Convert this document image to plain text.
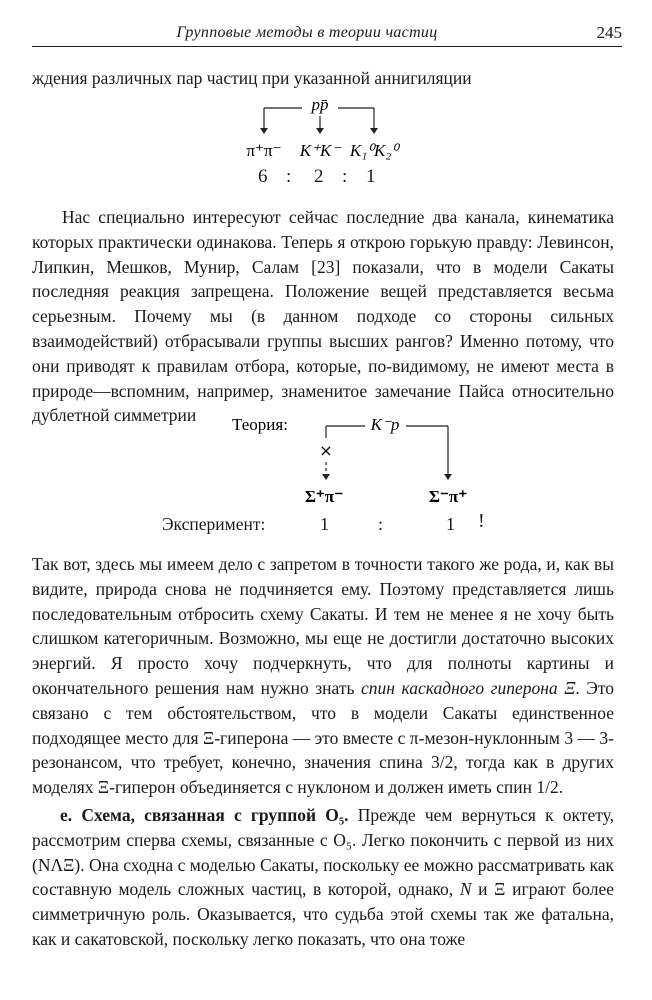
Групповые методы в теории частиц	245

ждения различных пар частиц при указанной аннигиляции

pp̄
π⁺π⁻ K⁺K⁻ K₁⁰K₂⁰
6 : 2 : 1

Нас специально интересуют сейчас последние два канала, кинематика которых практически одинакова. Теперь я открою горькую правду: Левинсон, Липкин, Мешков, Мунир, Салам [23] показали, что в модели Сакаты последняя реакция запрещена. Положение вещей представляется весьма серьезным. Почему мы (в данном подходе со стороны сильных взаимодействий) отбрасывали группы высших рангов? Именно потому, что они приводят к правилам отбора, которые, по-видимому, не имеют места в природе—вспомним, например, знаменитое замечание Пайса относительно дублетной симметрии	Теория:	K⁻p
×
Σ⁺π⁻	Σ⁻π⁺
Эксперимент:	1	:	1 !

Так вот, здесь мы имеем дело с запретом в точности такого же рода, и, как вы видите, природа снова не подчиняется ему. Поэтому представляется лишь последовательным отбросить схему Сакаты. И тем не менее я не хочу быть слишком категоричным. Возможно, мы еще не достигли достаточно высоких энергий. Я просто хочу подчеркнуть, что для полноты картины и окончательного решения нам нужно знать спин каскадного гиперона Ξ. Это связано с тем обстоятельством, что в модели Сакаты единственное подходящее место для Ξ-гиперона — это вместе с π-мезон-нуклонным 3 — 3-резонансом, что требует, конечно, значения спина 3/2, тогда как в других моделях Ξ-гиперон объединяется с нуклоном и должен иметь спин 1/2.

е. Схема, связанная с группой O₅. Прежде чем вернуться к октету, рассмотрим сперва схемы, связанные с O₅. Легко покончить с первой из них (NΛΞ). Она сходна с моделью Сакаты, поскольку ее можно рассматривать как составную модель сложных частиц, в которой, однако, N и Ξ играют более симметричную роль. Оказывается, что судьба этой схемы так же фатальна, как и сакатовской, поскольку легко показать, что она тоже
